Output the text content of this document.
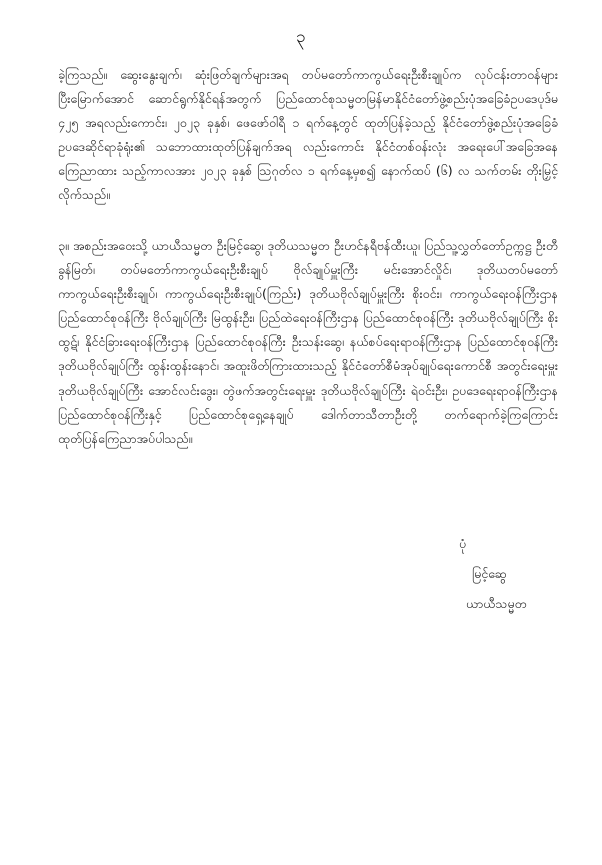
၃

ခဲ့ကြသည်။ ဆွေးနွေးချက်၊ ဆုံးဖြတ်ချက်များအရ တပ်မတော်ကာကွယ်ရေးဦးစီးချုပ်က လုပ်ငန်းတာဝန်များပြီးမြောက်အောင် ဆောင်ရွက်နိုင်ရန်အတွက် ပြည်ထောင်စုသမ္မတမြန်မာနိုင်ငံတော်ဖွဲ့စည်းပုံအခြေခံဥပဒေပုဒ်မ ၄၂၅ အရလည်းကောင်း၊ ၂၀၂၃ ခုနှစ်၊ ဖေဖော်ဝါရီ ၁ ရက်နေ့တွင် ထုတ်ပြန်ခဲ့သည့် နိုင်ငံတော်ဖွဲ့စည်းပုံအခြေခံ ဥပဒေဆိုင်ရာခုံရုံး၏ သဘောထားထုတ်ပြန်ချက်အရ လည်းကောင်း နိုင်ငံတစ်ဝန်းလုံး အရေးပေါ်အခြေအနေကြေညာထား သည့်ကာလအား ၂၀၂၃ ခုနှစ် ဩဂုတ်လ ၁ ရက်နေ့မှစ၍ နောက်ထပ် (၆) လ သက်တမ်း တိုးမြှင့်လိုက်သည်။

၃။ အစည်းအဝေးသို့ ယာယီသမ္မတ ဦးမြင့်ဆွေ၊ ဒုတိယသမ္မတ ဦးဟင်နရီဗန်ထီးယူ၊ ပြည်သူ့လွှတ်တော်ဥက္ကဋ္ဌ ဦးတီခွန်မြတ်၊ တပ်မတော်ကာကွယ်ရေးဦးစီးချုပ် ဗိုလ်ချုပ်မှူးကြီး မင်းအောင်လှိုင်၊ ဒုတိယတပ်မတော်ကာကွယ်ရေးဦးစီးချုပ်၊ ကာကွယ်ရေးဦးစီးချုပ်(ကြည်း) ဒုတိယဗိုလ်ချုပ်မှူးကြီး စိုးဝင်း၊ ကာကွယ်ရေးဝန်ကြီးဌာန ပြည်ထောင်စုဝန်ကြီး ဗိုလ်ချုပ်ကြီး မြထွန်းဦး၊ ပြည်ထဲရေးဝန်ကြီးဌာန ပြည်ထောင်စုဝန်ကြီး ဒုတိယဗိုလ်ချုပ်ကြီး စိုးထွဋ်၊ နိုင်ငံခြားရေးဝန်ကြီးဌာန ပြည်ထောင်စုဝန်ကြီး ဦးသန်းဆွေ၊ နယ်စပ်ရေးရာဝန်ကြီးဌာန ပြည်ထောင်စုဝန်ကြီး ဒုတိယဗိုလ်ချုပ်ကြီး ထွန်းထွန်းနောင်၊ အထူးဖိတ်ကြားထားသည့် နိုင်ငံတော်စီမံအုပ်ချုပ်ရေးကောင်စီ အတွင်းရေးမှူး ဒုတိယဗိုလ်ချုပ်ကြီး အောင်လင်းဒွေး၊ တွဲဖက်အတွင်းရေးမှူး ဒုတိယဗိုလ်ချုပ်ကြီး ရဲဝင်းဦး၊ ဥပဒေရေးရာဝန်ကြီးဌာန ပြည်ထောင်စုဝန်ကြီးနှင့် ပြည်ထောင်စုရှေ့နေချုပ် ဒေါက်တာသီတာဦးတို့ တက်ရောက်ခဲ့ကြကြောင်း ထုတ်ပြန်ကြေညာအပ်ပါသည်။

ပုံ
မြင့်ဆွေ
ယာယီသမ္မတ
